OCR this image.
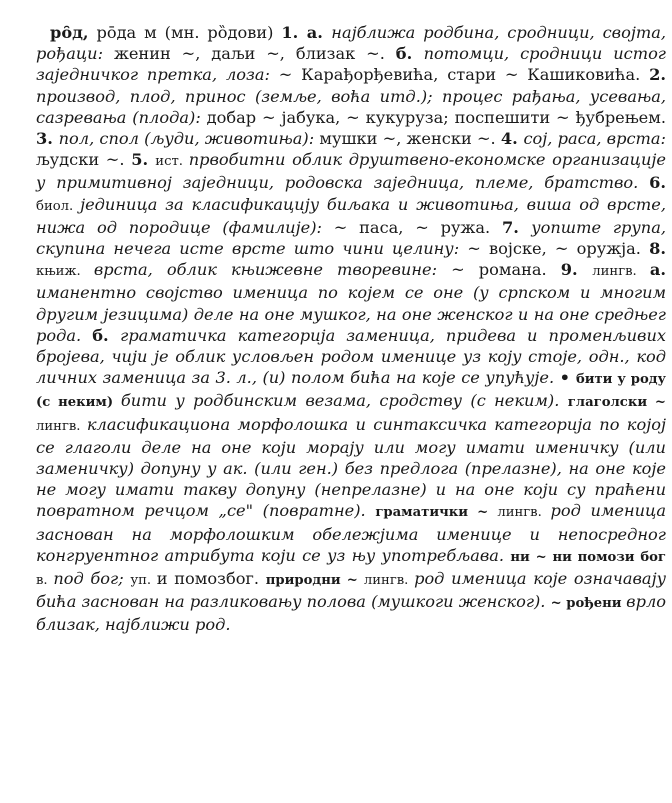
ро̑д, ро̄да м (мн. ро̏дови) 1. а. најближа родбина, сродници, својта, рођаци: женин ~, даљи ~, близак ~. б. потомци, сродници истог заједничког претка, лоза: ~ Карађорђевића, стари ~ Кашиковића. 2. производ, плод, принос (земље, воћа итд.); процес рађања, усевања, сазревања (плода): добар ~ јабука, ~ кукуруза; поспешити ~ ђубрењем. 3. пол, спол (људи, животиња): мушки ~, женски ~. 4. сој, раса, врста: људски ~. 5. ист. првобитни облик друштвено-економске организације у примитивној заједници, родовска заједница, племе, братство. 6. биол. јединица за класификацију биљака и животиња, виша од врсте, нижа од породице (фамилије): ~ паса, ~ ружа. 7. уопште група, скупина нечега исте врсте што чини целину: ~ војске, ~ оружја. 8. књиж. врста, облик књижевне творевине: ~ романа. 9. лингв. а. иманентно својство именица по којем се оне (у српском и многим другим језицима) деле на оне мушког, на оне женског и на оне средњег рода. б. граматичка категорија заменица, придева и променљивих бројева, чији је облик условљен родом именице уз коју стоје, одн., код личних заменица за 3. л., (и) полом бића на које се упућује. • бити у роду (с неким) бити у родбинским везама, сродству (с неким). глаголски ~ лингв. класификациона морфолошка и синтаксичка категорија по којој се глаголи деле на оне који морају или могу имати именичку (или заменичку) допуну у ак. (или ген.) без предлога (прелазне), на оне које не могу имати такву допуну (непрелазне) и на оне који су праћени повратном речцом „се" (повратне). граматички ~ лингв. род именица заснован на морфолошким обележјима именице и непосредног конгруентног атрибута који се уз њу употребљава. ни ~ ни помози бог в. под бог; уп. и помозбог. природни ~ лингв. род именица које означавају бића заснован на разликовању полова (мушкоги женског). ~ рођени врло близак, најближи род.
